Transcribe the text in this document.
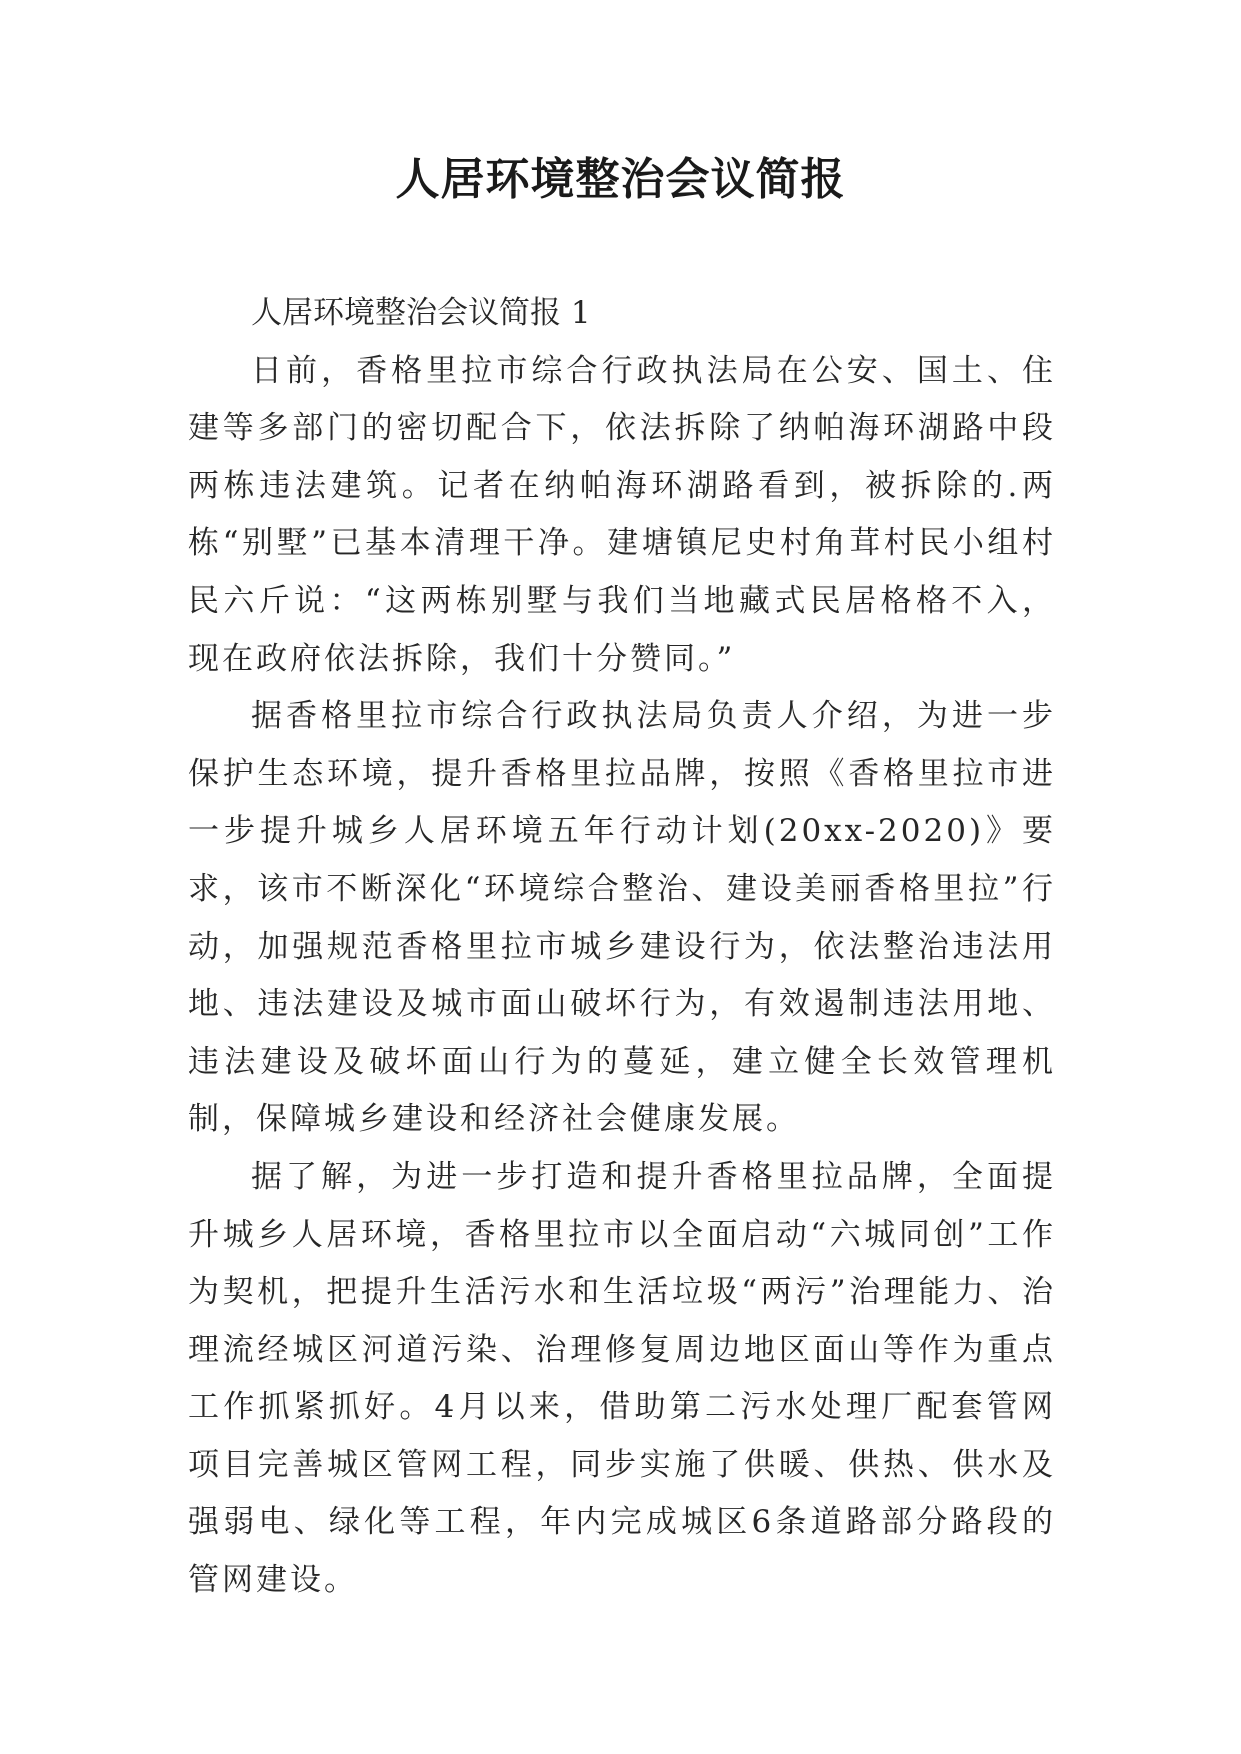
人居环境整治会议简报

人居环境整治会议简报 1

日前，香格里拉市综合行政执法局在公安、国土、住建等多部门的密切配合下，依法拆除了纳帕海环湖路中段两栋违法建筑。记者在纳帕海环湖路看到，被拆除的.两栋“别墅”已基本清理干净。建塘镇尼史村角茸村民小组村民六斤说：“这两栋别墅与我们当地藏式民居格格不入，现在政府依法拆除，我们十分赞同。”

据香格里拉市综合行政执法局负责人介绍，为进一步保护生态环境，提升香格里拉品牌，按照《香格里拉市进一步提升城乡人居环境五年行动计划(20xx-2020)》要求，该市不断深化“环境综合整治、建设美丽香格里拉”行动，加强规范香格里拉市城乡建设行为，依法整治违法用地、违法建设及城市面山破坏行为，有效遏制违法用地、违法建设及破坏面山行为的蔓延，建立健全长效管理机制，保障城乡建设和经济社会健康发展。

据了解，为进一步打造和提升香格里拉品牌，全面提升城乡人居环境，香格里拉市以全面启动“六城同创”工作为契机，把提升生活污水和生活垃圾“两污”治理能力、治理流经城区河道污染、治理修复周边地区面山等作为重点工作抓紧抓好。4月以来，借助第二污水处理厂配套管网项目完善城区管网工程，同步实施了供暖、供热、供水及强弱电、绿化等工程，年内完成城区6条道路部分路段的管网建设。
